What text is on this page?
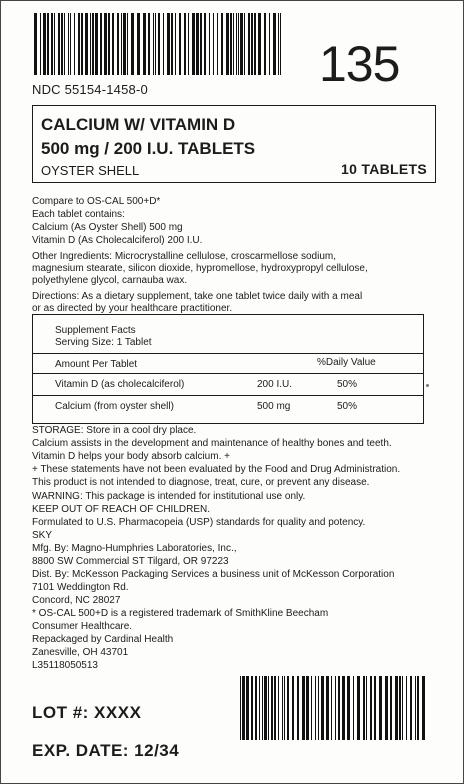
135
NDC 55154-1458-0
CALCIUM W/ VITAMIN D
500 mg / 200 I.U. TABLETS
OYSTER SHELL	10 TABLETS
Compare to OS-CAL 500+D*
Each tablet contains:
Calcium (As Oyster Shell) 500 mg
Vitamin D (As Cholecalciferol) 200 I.U.
Other Ingredients: Microcrystalline cellulose, croscarmellose sodium,
magnesium stearate, silicon dioxide, hypromellose, hydroxypropyl cellulose,
polyethylene glycol, carnauba wax.
Directions: As a dietary supplement, take one tablet twice daily with a meal
or as directed by your healthcare practitioner.
Supplement Facts
Serving Size: 1 Tablet
Amount Per Tablet	%Daily Value
Vitamin D (as cholecalciferol)	200 I.U.	50%
Calcium (from oyster shell)	500 mg	50%
STORAGE: Store in a cool dry place.
Calcium assists in the development and maintenance of healthy bones and teeth.
Vitamin D helps your body absorb calcium. +
+ These statements have not been evaluated by the Food and Drug Administration.
This product is not intended to diagnose, treat, cure, or prevent any disease.
WARNING: This package is intended for institutional use only.
KEEP OUT OF REACH OF CHILDREN.
Formulated to U.S. Pharmacopeia (USP) standards for quality and potency.
SKY
Mfg. By: Magno-Humphries Laboratories, Inc.,
8800 SW Commercial ST Tilgard, OR 97223
Dist. By: McKesson Packaging Services a business unit of McKesson Corporation
7101 Weddington Rd.
Concord, NC 28027
* OS-CAL 500+D is a registered trademark of SmithKline Beecham
Consumer Healthcare.
Repackaged by Cardinal Health
Zanesville, OH 43701
L35118050513
LOT #: XXXX
EXP. DATE: 12/34
